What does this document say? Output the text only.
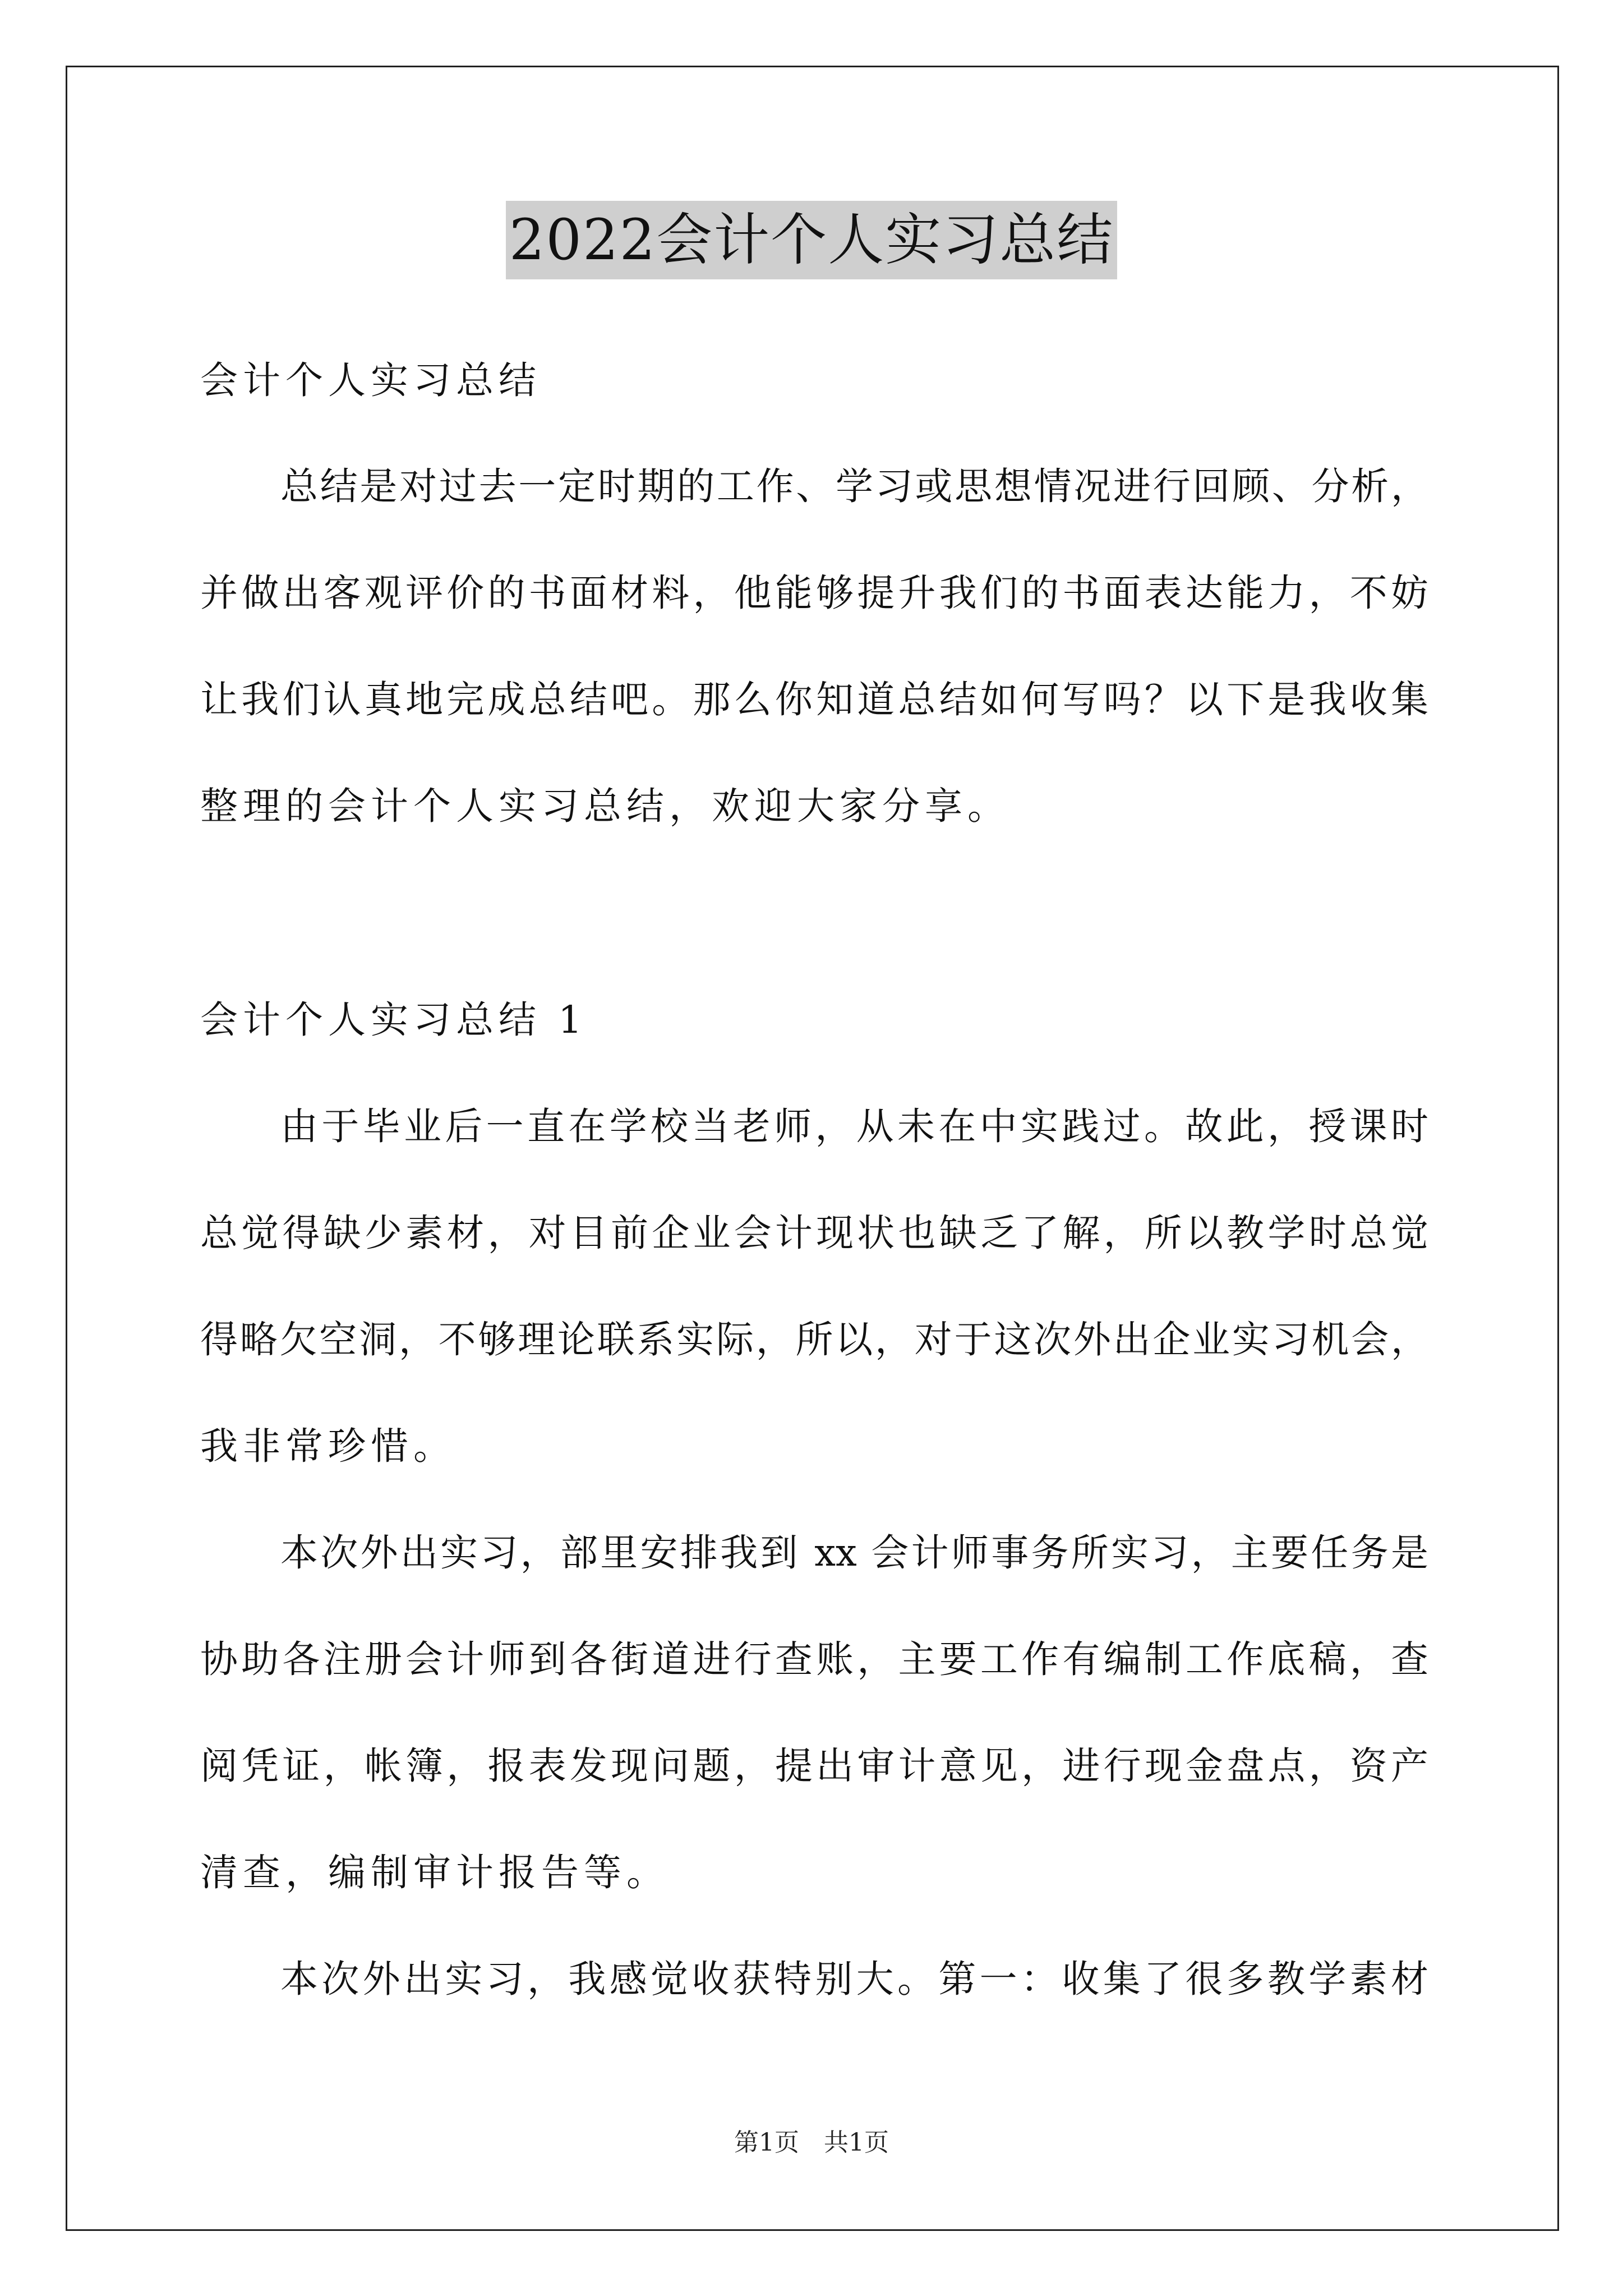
2022会计个人实习总结
会计个人实习总结
总结是对过去一定时期的工作、学习或思想情况进行回顾、分析，
并做出客观评价的书面材料，他能够提升我们的书面表达能力，不妨
让我们认真地完成总结吧。那么你知道总结如何写吗？以下是我收集
整理的会计个人实习总结，欢迎大家分享。
会计个人实习总结 1
由于毕业后一直在学校当老师，从未在中实践过。故此，授课时
总觉得缺少素材，对目前企业会计现状也缺乏了解，所以教学时总觉
得略欠空洞，不够理论联系实际，所以，对于这次外出企业实习机会，
我非常珍惜。
本次外出实习，部里安排我到 xx 会计师事务所实习，主要任务是
协助各注册会计师到各街道进行查账，主要工作有编制工作底稿，查
阅凭证，帐簿，报表发现问题，提出审计意见，进行现金盘点，资产
清查，编制审计报告等。
本次外出实习，我感觉收获特别大。第一：收集了很多教学素材
第1页　共1页
